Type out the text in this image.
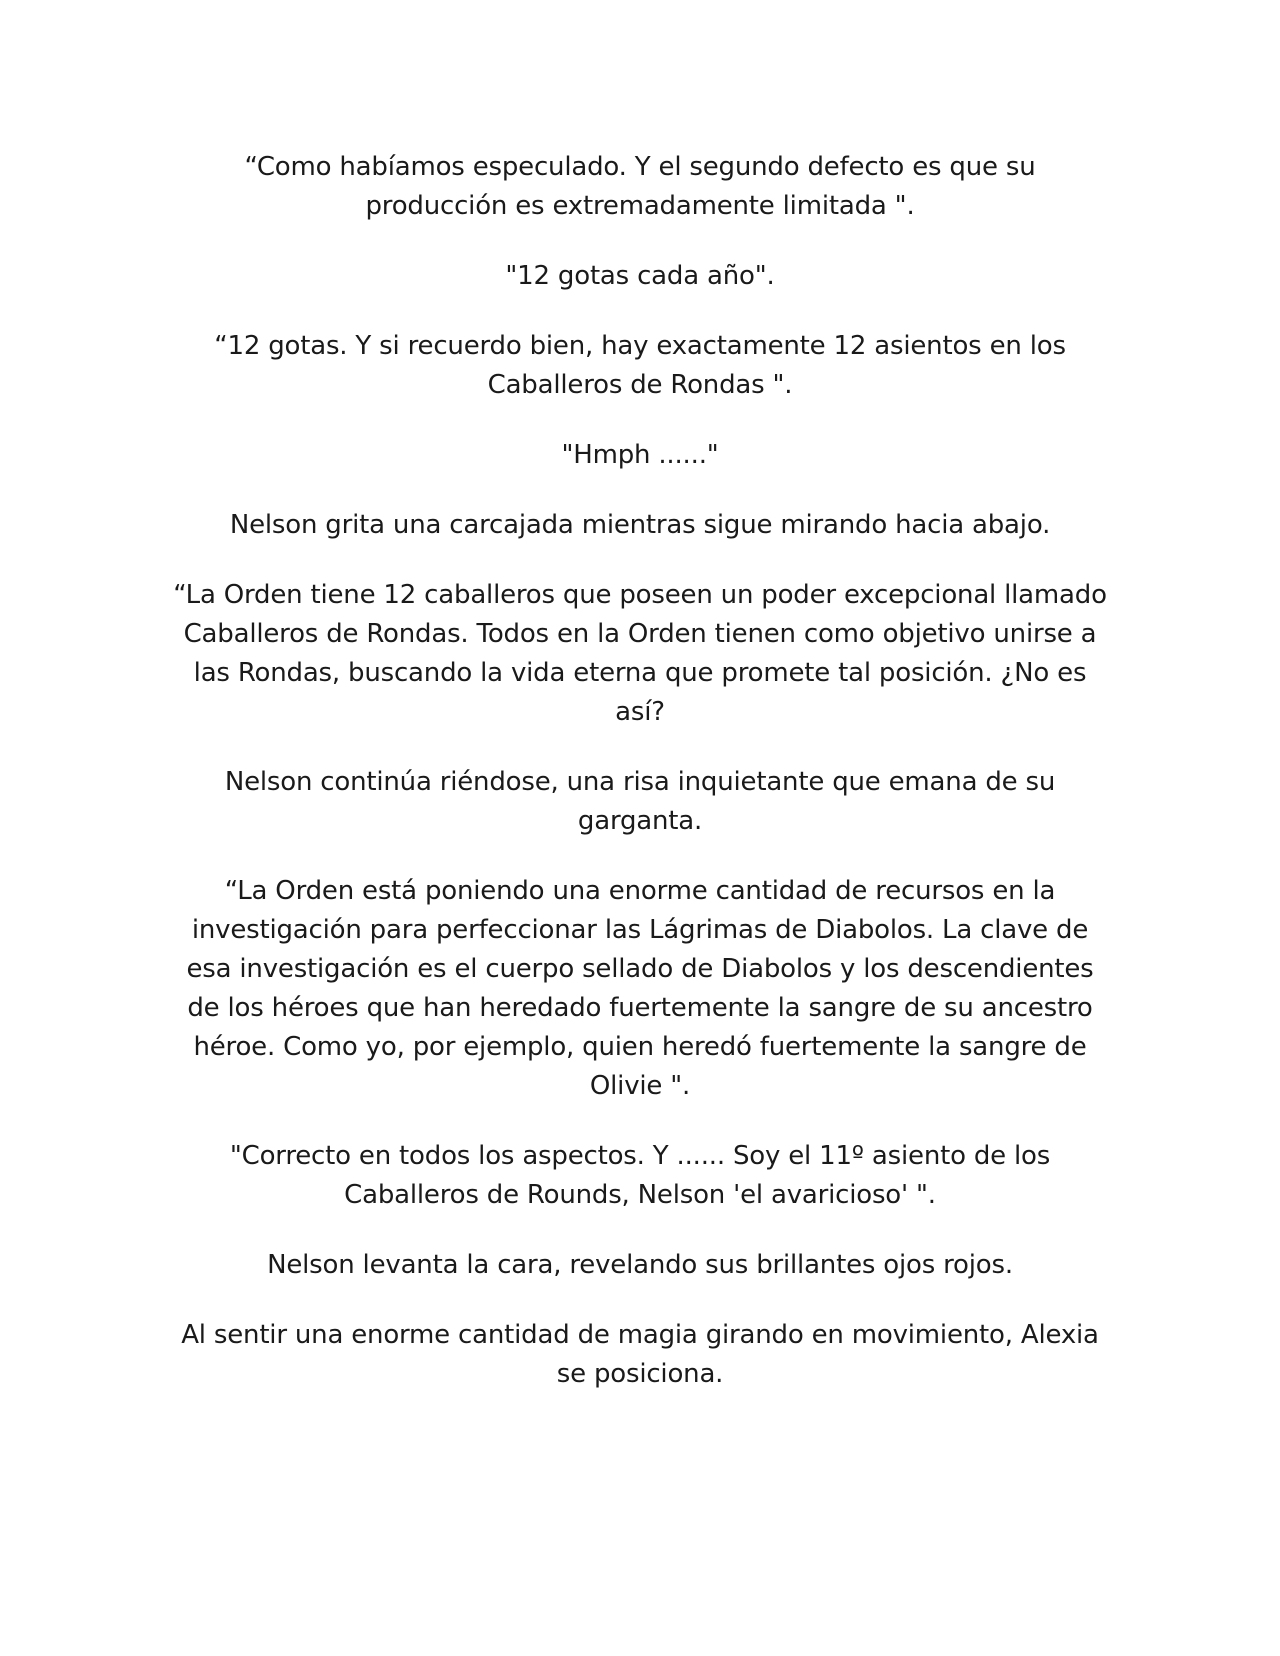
“Como habíamos especulado. Y el segundo defecto es que su producción es extremadamente limitada ".

"12 gotas cada año".

“12 gotas. Y si recuerdo bien, hay exactamente 12 asientos en los Caballeros de Rondas ".

"Hmph ......"

Nelson grita una carcajada mientras sigue mirando hacia abajo.

“La Orden tiene 12 caballeros que poseen un poder excepcional llamado Caballeros de Rondas. Todos en la Orden tienen como objetivo unirse a las Rondas, buscando la vida eterna que promete tal posición. ¿No es así?

Nelson continúa riéndose, una risa inquietante que emana de su garganta.

“La Orden está poniendo una enorme cantidad de recursos en la investigación para perfeccionar las Lágrimas de Diabolos. La clave de esa investigación es el cuerpo sellado de Diabolos y los descendientes de los héroes que han heredado fuertemente la sangre de su ancestro héroe. Como yo, por ejemplo, quien heredó fuertemente la sangre de Olivie ".

"Correcto en todos los aspectos. Y ...... Soy el 11º asiento de los Caballeros de Rounds, Nelson 'el avaricioso' ".

Nelson levanta la cara, revelando sus brillantes ojos rojos.

Al sentir una enorme cantidad de magia girando en movimiento, Alexia se posiciona.
